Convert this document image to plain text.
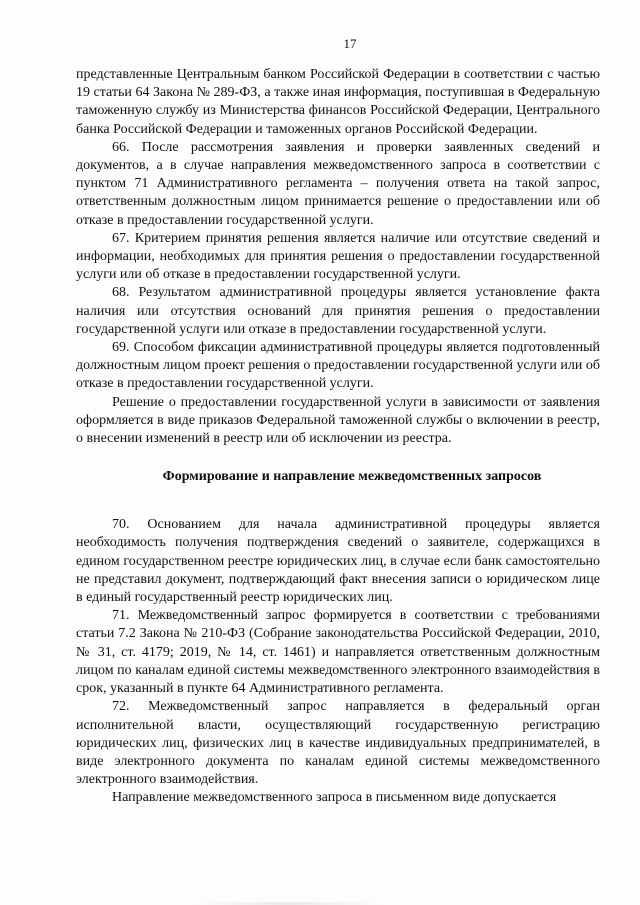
17

представленные Центральным банком Российской Федерации в соответствии с частью 19 статьи 64 Закона № 289-ФЗ, а также иная информация, поступившая в Федеральную таможенную службу из Министерства финансов Российской Федерации, Центрального банка Российской Федерации и таможенных органов Российской Федерации.

66. После рассмотрения заявления и проверки заявленных сведений и документов, а в случае направления межведомственного запроса в соответствии с пунктом 71 Административного регламента – получения ответа на такой запрос, ответственным должностным лицом принимается решение о предоставлении или об отказе в предоставлении государственной услуги.

67. Критерием принятия решения является наличие или отсутствие сведений и информации, необходимых для принятия решения о предоставлении государственной услуги или об отказе в предоставлении государственной услуги.

68. Результатом административной процедуры является установление факта наличия или отсутствия оснований для принятия решения о предоставлении государственной услуги или отказе в предоставлении государственной услуги.

69. Способом фиксации административной процедуры является подготовленный должностным лицом проект решения о предоставлении государственной услуги или об отказе в предоставлении государственной услуги.

Решение о предоставлении государственной услуги в зависимости от заявления оформляется в виде приказов Федеральной таможенной службы о включении в реестр, о внесении изменений в реестр или об исключении из реестра.

Формирование и направление межведомственных запросов

70. Основанием для начала административной процедуры является необходимость получения подтверждения сведений о заявителе, содержащихся в едином государственном реестре юридических лиц, в случае если банк самостоятельно не представил документ, подтверждающий факт внесения записи о юридическом лице в единый государственный реестр юридических лиц.

71. Межведомственный запрос формируется в соответствии с требованиями статьи 7.2 Закона № 210-ФЗ (Собрание законодательства Российской Федерации, 2010, № 31, ст. 4179; 2019, № 14, ст. 1461) и направляется ответственным должностным лицом по каналам единой системы межведомственного электронного взаимодействия в срок, указанный в пункте 64 Административного регламента.

72. Межведомственный запрос направляется в федеральный орган исполнительной власти, осуществляющий государственную регистрацию юридических лиц, физических лиц в качестве индивидуальных предпринимателей, в виде электронного документа по каналам единой системы межведомственного электронного взаимодействия.

Направление межведомственного запроса в письменном виде допускается
